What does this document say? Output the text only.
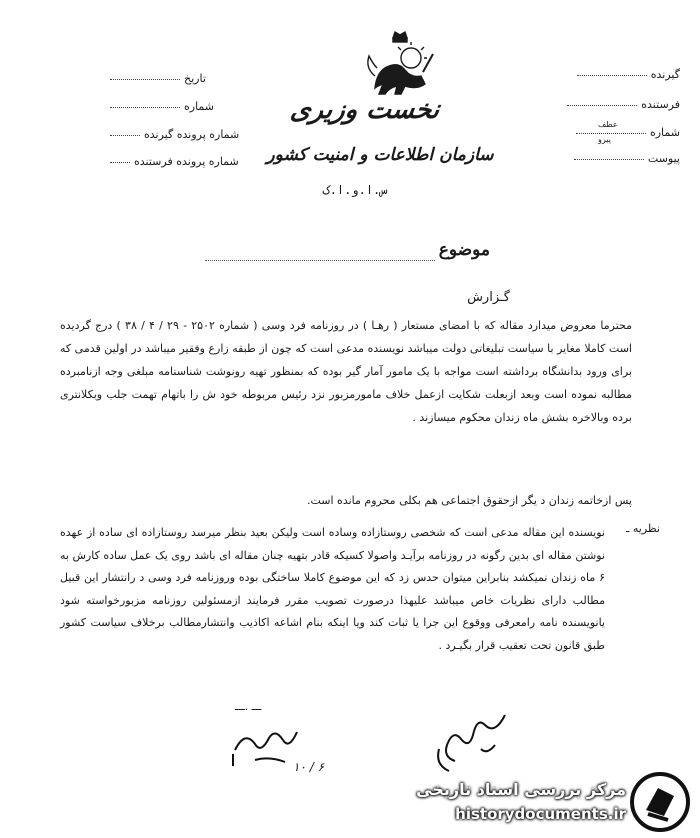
گیرنده
فرستنده
شماره
عطف
پیرو
پیوست
تاریخ
شماره
شماره پرونده گیرنده
شماره پرونده فرستنده
نخست وزیری
سازمان اطلاعات و امنیت کشور
س.ا.و.ا.ک
موضوع
گـزارش

محترما معروض میدارد مقاله که با امضای مستعار ( رهـا ) در روزنامه فرد وسی ( شماره ۲۵۰۲ - ۲۹ / ۴ / ۳۸ ) درج گردیده است کاملا مغایر با سیاست تبلیغاتی دولت میباشد نویسنده مدعی است که چون از طبقه زارع وفقیر میباشد در اولین قدمی که برای ورود بدانشگاه برداشته است مواجه با یک مامور آمار گیر بوده که بمنظور تهیه رونوشت شناسنامه مبلغی وجه ازنامبرده مطالبه نموده است وبعد ازبعلت شکایت ازعمل خلاف مامورمزبور نزد رئیس مربوطه خود ش را باتهام تهمت جلب وبکلانتری برده وبالاخره بشش ماه زندان محکوم میسازند .

پس ازخاتمه زندان د یگر ازحقوق اجتماعی هم بکلی محروم مانده است.

نظریه ـ

نویسنده این مقاله مدعی است که شخصی روستازاده وساده است ولیکن بعید بنظر میرسد روستازاده ای ساده از عهده نوشتن مقاله ای بدین رگونه در روزنامه برآیـد واصولا کسیکه قادر بتهیه چنان مقاله ای باشد روی یک عمل ساده کارش به ۶ ماه زندان نمیکشد بنابراین میتوان حدس زد که این موضوع کاملا ساختگی بوده وروزنامه فرد وسی د رانتشار این قبیل مطالب دارای نظریات خاص میباشد علیهذا درصورت تصویب مقرر فرمایند ازمسئولین روزنامه مزبورخواسته شود یانویسنده نامه رامعرفی ووقوع این جرا یا ثبات کند ویا اینکه بنام اشاعه اکاذیب وانتشارمطالب برخلاف سیاست کشور طبق قانون تحت تعقیب قرار بگیـرد .

ـــ .ـــ
۶ / ۱۰
مرکز بررسی اسناد تاریخی
historydocuments.ir
